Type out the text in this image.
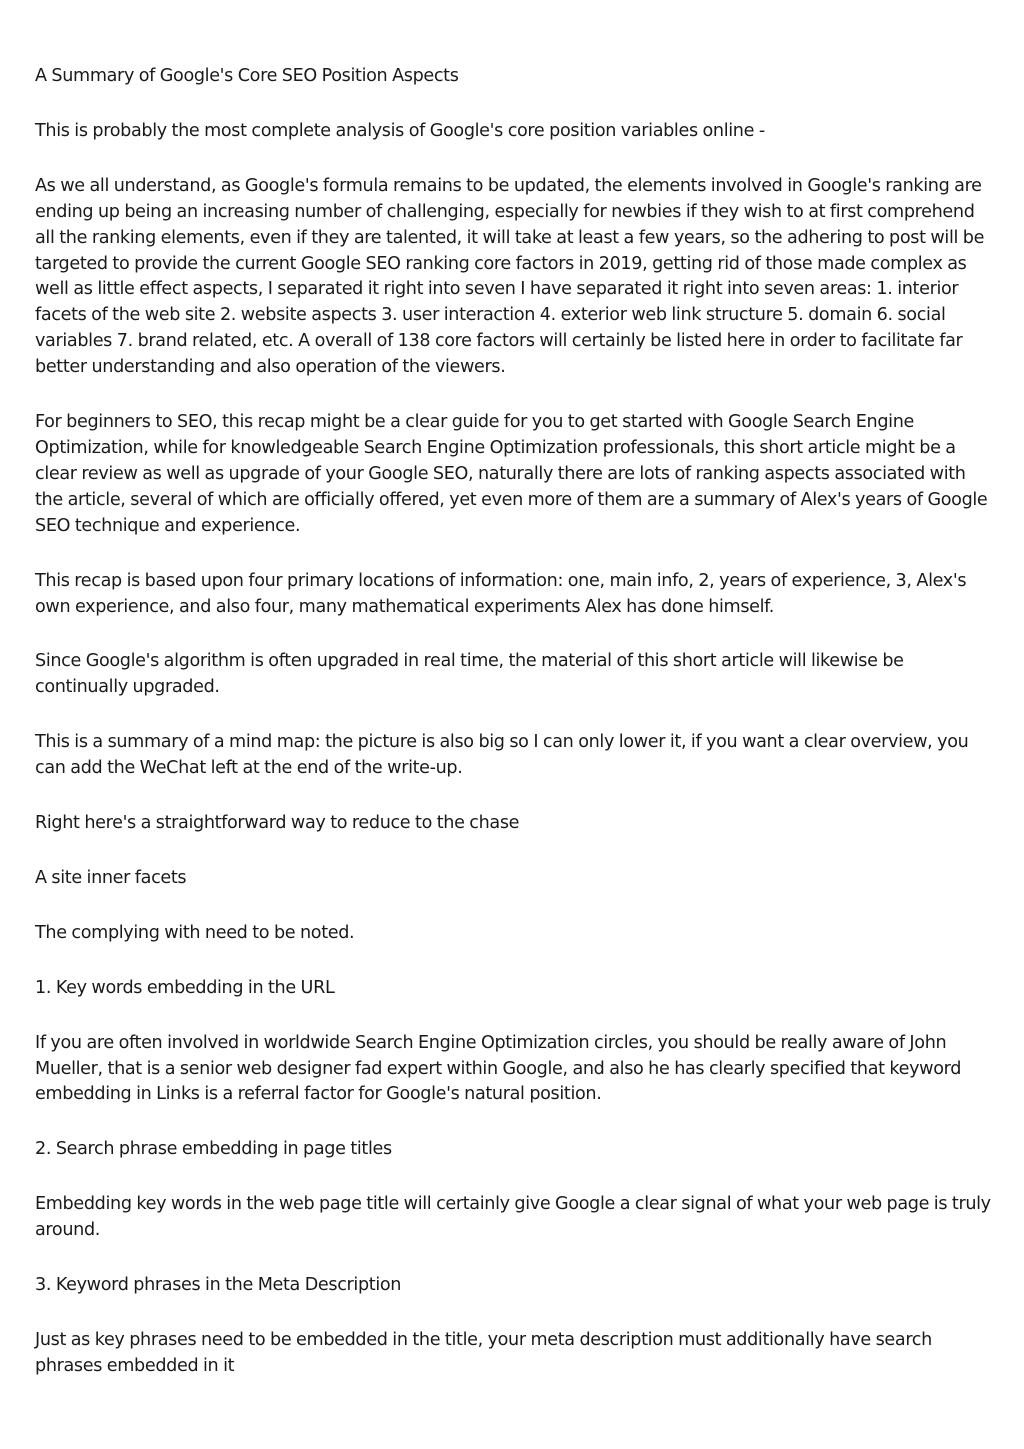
A Summary of Google's Core SEO Position Aspects

This is probably the most complete analysis of Google's core position variables online -

As we all understand, as Google's formula remains to be updated, the elements involved in Google's ranking are ending up being an increasing number of challenging, especially for newbies if they wish to at first comprehend all the ranking elements, even if they are talented, it will take at least a few years, so the adhering to post will be targeted to provide the current Google SEO ranking core factors in 2019, getting rid of those made complex as well as little effect aspects, I separated it right into seven I have separated it right into seven areas: 1. interior facets of the web site 2. website aspects 3. user interaction 4. exterior web link structure 5. domain 6. social variables 7. brand related, etc. A overall of 138 core factors will certainly be listed here in order to facilitate far better understanding and also operation of the viewers.

For beginners to SEO, this recap might be a clear guide for you to get started with Google Search Engine Optimization, while for knowledgeable Search Engine Optimization professionals, this short article might be a clear review as well as upgrade of your Google SEO, naturally there are lots of ranking aspects associated with the article, several of which are officially offered, yet even more of them are a summary of Alex's years of Google SEO technique and experience.

This recap is based upon four primary locations of information: one, main info, 2, years of experience, 3, Alex's own experience, and also four, many mathematical experiments Alex has done himself.

Since Google's algorithm is often upgraded in real time, the material of this short article will likewise be continually upgraded.

This is a summary of a mind map: the picture is also big so I can only lower it, if you want a clear overview, you can add the WeChat left at the end of the write-up.

Right here's a straightforward way to reduce to the chase

A site inner facets

The complying with need to be noted.

1. Key words embedding in the URL

If you are often involved in worldwide Search Engine Optimization circles, you should be really aware of John Mueller, that is a senior web designer fad expert within Google, and also he has clearly specified that keyword embedding in Links is a referral factor for Google's natural position.

2. Search phrase embedding in page titles

Embedding key words in the web page title will certainly give Google a clear signal of what your web page is truly around.

3. Keyword phrases in the Meta Description

Just as key phrases need to be embedded in the title, your meta description must additionally have search phrases embedded in it
